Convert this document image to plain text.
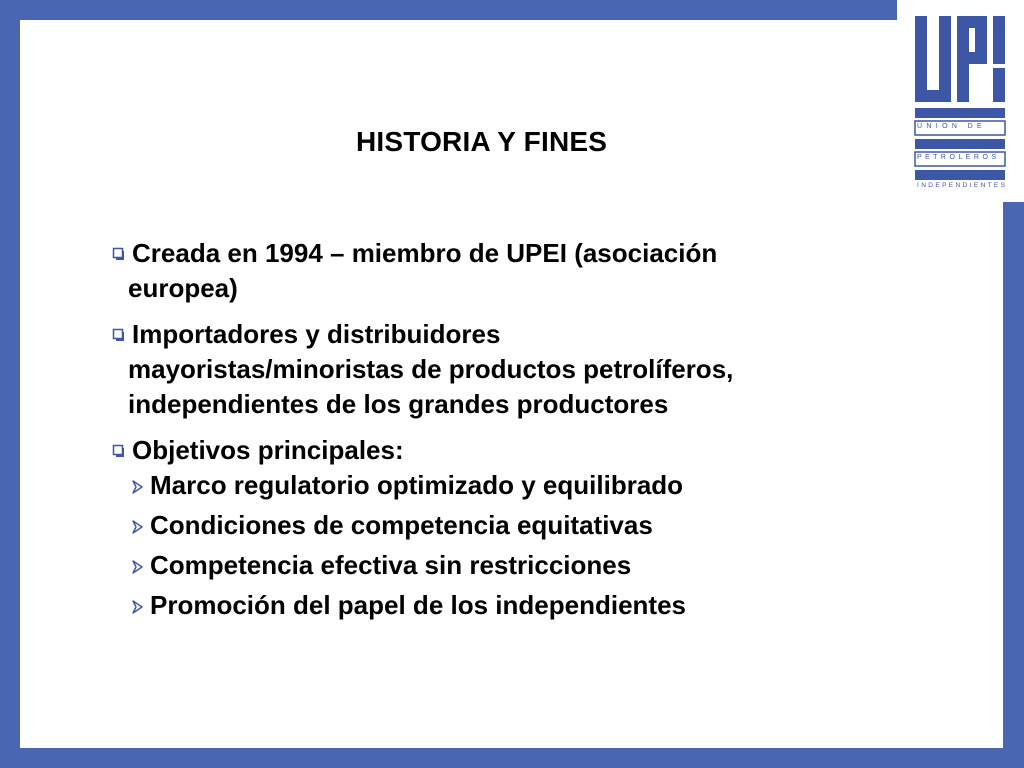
U N I O N   D E
P E T R O L E R O S
I N D E P E N D I E N T E S
HISTORIA Y FINES
Creada en 1994 – miembro de UPEI (asociación
europea)
Importadores y distribuidores
mayoristas/minoristas de productos petrolíferos,
independientes de los grandes productores
Objetivos principales:
Marco regulatorio optimizado y equilibrado
Condiciones de competencia equitativas
Competencia efectiva sin restricciones
Promoción del papel de los independientes
